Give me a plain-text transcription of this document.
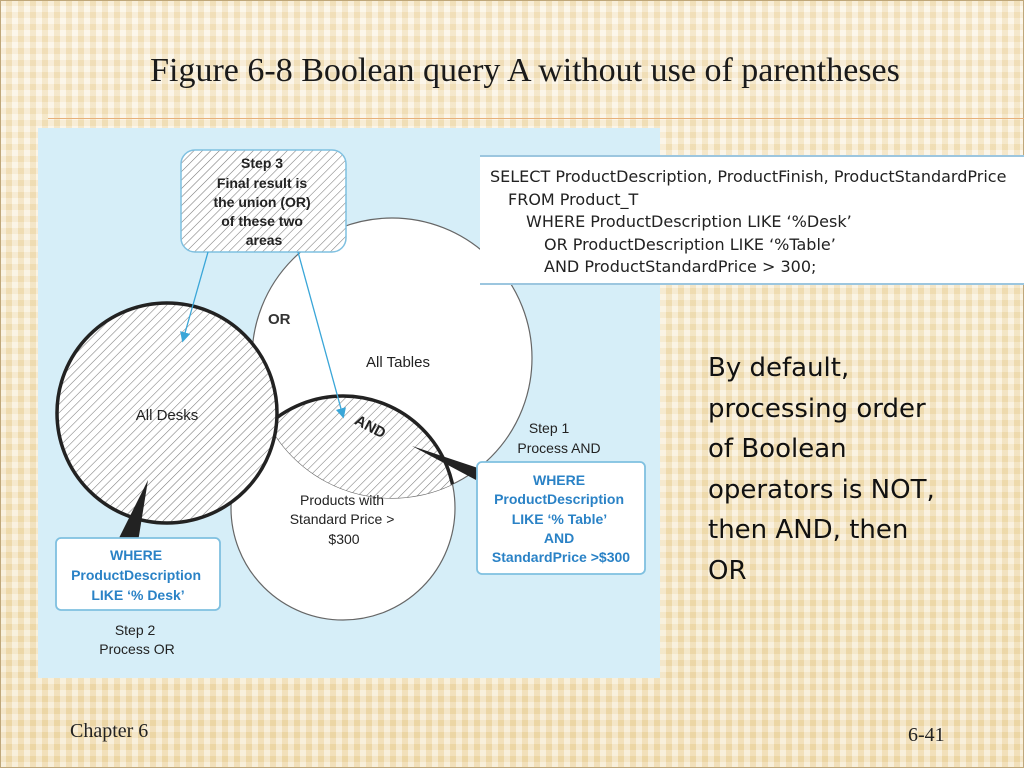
Figure 6-8 Boolean query A without use of parentheses
Step 3 Final result is the union (OR) of these two areas
OR
All Tables
All Desks	AND
Products with Standard Price > $300
Step 1 Process AND
WHERE ProductDescription LIKE ‘% Table’ AND StandardPrice >$300
WHERE ProductDescription LIKE ‘% Desk’
Step 2 Process OR
SELECT ProductDescription, ProductFinish, ProductStandardPrice
FROM Product_T
WHERE ProductDescription LIKE ‘%Desk’
OR ProductDescription LIKE ‘%Table’
AND ProductStandardPrice > 300;
By default,
processing order
of Boolean
operators is NOT,
then AND, then
OR
Chapter 6	6-41
